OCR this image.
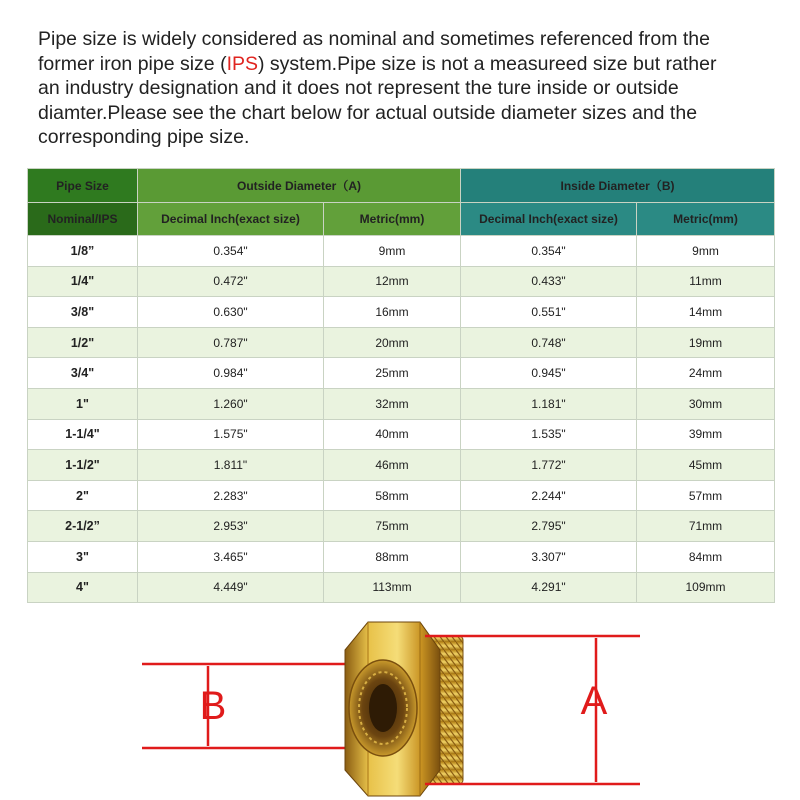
Pipe size is widely considered as nominal and sometimes referenced from the former iron pipe size (IPS) system.Pipe size is not a measureed size but rather an industry designation and it does not represent the ture inside or outside diamter.Please see the chart below for actual outside diameter sizes and the corresponding pipe size.
Pipe Size	Outside Diameter（A)		Inside Diameter（B)	
Nominal/IPS	Decimal Inch(exact size)	Metric(mm)	Decimal Inch(exact size)	Metric(mm)
1/8”	0.354"	9mm	0.354"	9mm
1/4"	0.472"	12mm	0.433"	11mm
3/8"	0.630"	16mm	0.551"	14mm
1/2"	0.787"	20mm	0.748"	19mm
3/4"	0.984"	25mm	0.945"	24mm
1"	1.260"	32mm	1.181"	30mm
1-1/4"	1.575"	40mm	1.535"	39mm
1-1/2"	1.811"	46mm	1.772"	45mm
2"	2.283"	58mm	2.244"	57mm
2-1/2”	2.953"	75mm	2.795"	71mm
3"	3.465"	88mm	3.307"	84mm
4"	4.449"	113mm	4.291"	109mm
B	A
